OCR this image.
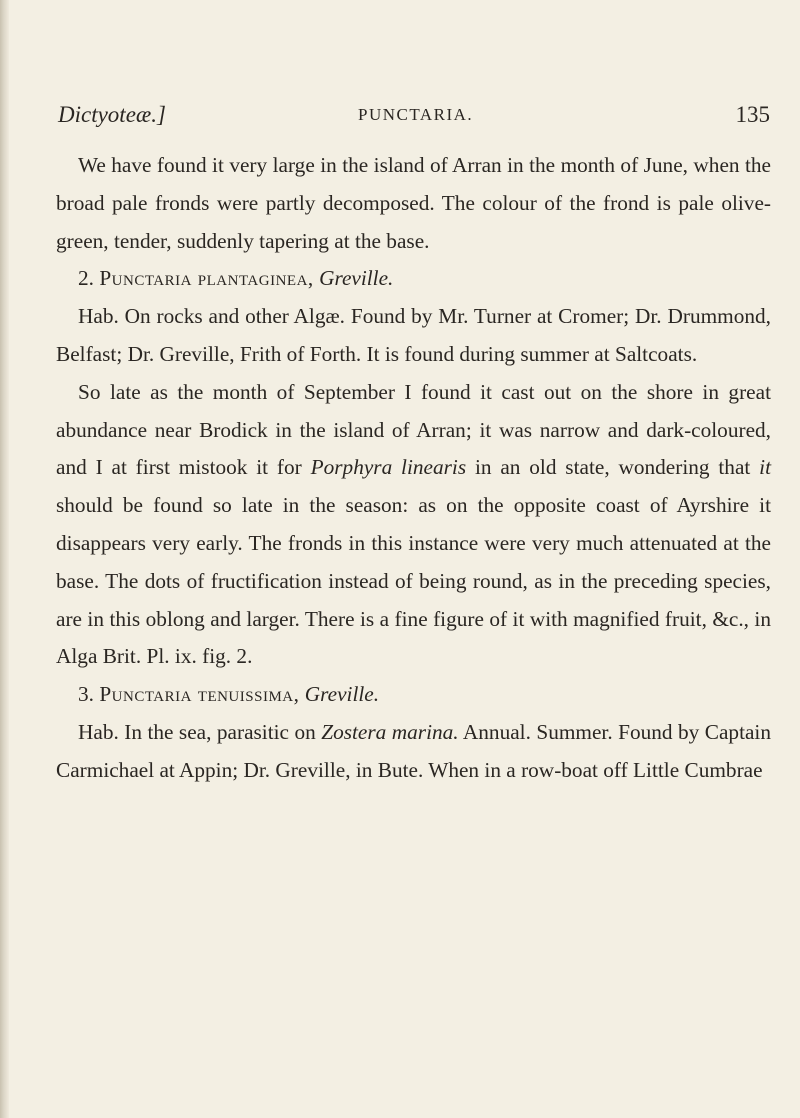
Dictyoteæ.]	PUNCTARIA.	135

We have found it very large in the island of Arran in the month of June, when the broad pale fronds were partly decomposed. The colour of the frond is pale olive-green, tender, suddenly tapering at the base.

2. Punctaria plantaginea, Greville.

Hab. On rocks and other Algæ. Found by Mr. Turner at Cromer; Dr. Drummond, Belfast; Dr. Greville, Frith of Forth. It is found during summer at Saltcoats.

So late as the month of September I found it cast out on the shore in great abundance near Brodick in the island of Arran; it was narrow and dark-coloured, and I at first mistook it for Porphyra linearis in an old state, wondering that it should be found so late in the season: as on the opposite coast of Ayrshire it disappears very early. The fronds in this instance were very much attenuated at the base. The dots of fructification instead of being round, as in the preceding species, are in this oblong and larger. There is a fine figure of it with magnified fruit, &c., in Alga Brit. Pl. ix. fig. 2.

3. Punctaria tenuissima, Greville.

Hab. In the sea, parasitic on Zostera marina. Annual. Summer. Found by Captain Carmichael at Appin; Dr. Greville, in Bute. When in a row-boat off Little Cumbrae
